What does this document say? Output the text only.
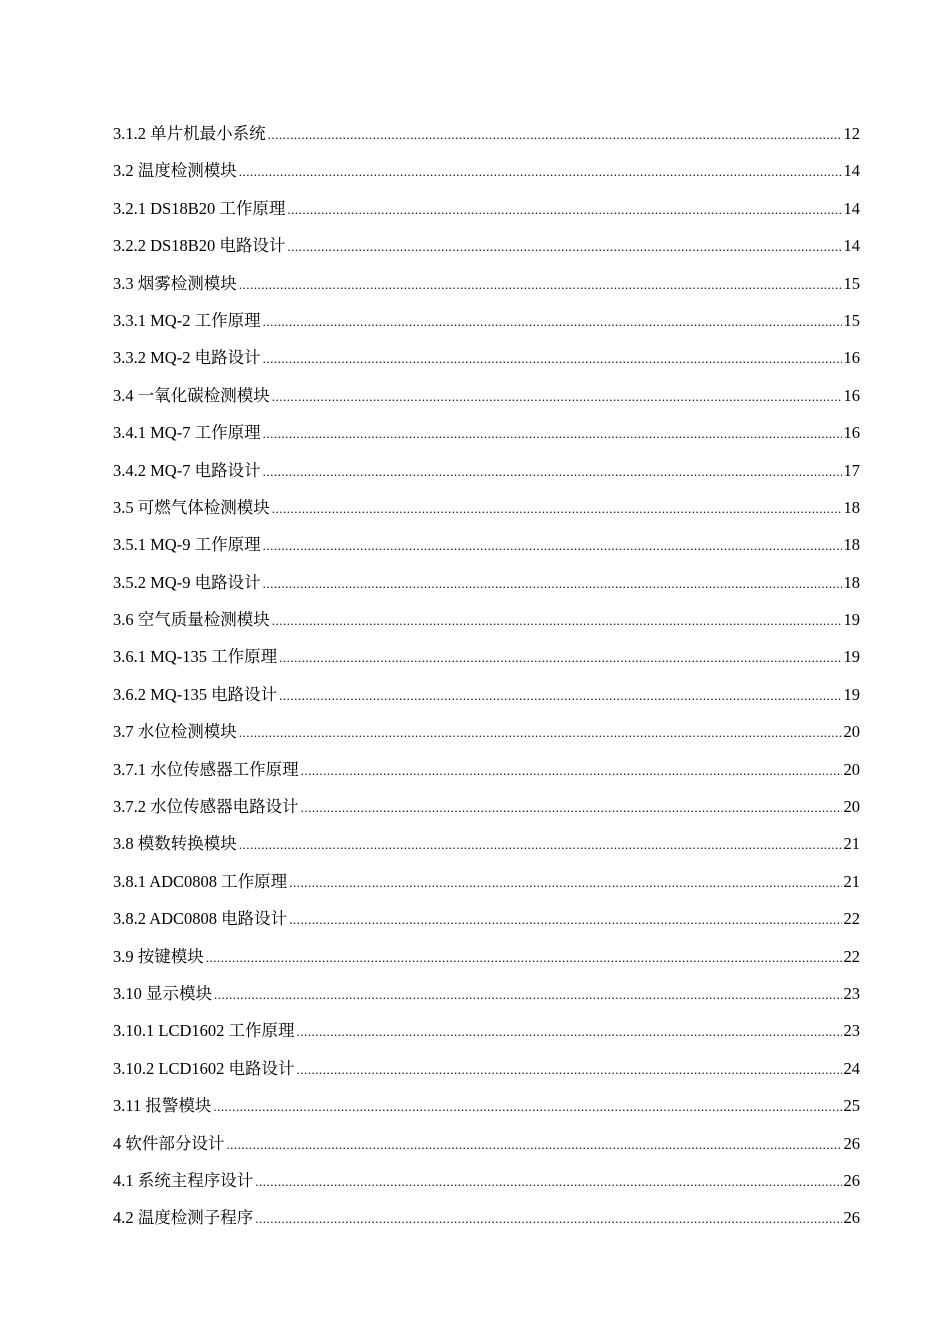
3.1.2 单片机最小系统 .....	12
3.2 温度检测模块 .....	14
3.2.1 DS18B20 工作原理 .....	14
3.2.2 DS18B20 电路设计 .....	14
3.3 烟雾检测模块 .....	15
3.3.1 MQ-2 工作原理 .....	15
3.3.2 MQ-2 电路设计 .....	16
3.4 一氧化碳检测模块 .....	16
3.4.1 MQ-7 工作原理 .....	16
3.4.2 MQ-7 电路设计 .....	17
3.5 可燃气体检测模块 .....	18
3.5.1 MQ-9 工作原理 .....	18
3.5.2 MQ-9 电路设计 .....	18
3.6 空气质量检测模块 .....	19
3.6.1 MQ-135 工作原理 .....	19
3.6.2 MQ-135 电路设计 .....	19
3.7 水位检测模块 .....	20
3.7.1 水位传感器工作原理 .....	20
3.7.2 水位传感器电路设计 .....	20
3.8 模数转换模块 .....	21
3.8.1 ADC0808 工作原理 .....	21
3.8.2 ADC0808 电路设计 .....	22
3.9 按键模块 .....	22
3.10 显示模块 .....	23
3.10.1 LCD1602 工作原理 .....	23
3.10.2 LCD1602 电路设计 .....	24
3.11 报警模块 .....	25
4 软件部分设计 .....	26
4.1 系统主程序设计 .....	26
4.2 温度检测子程序 .....	26
